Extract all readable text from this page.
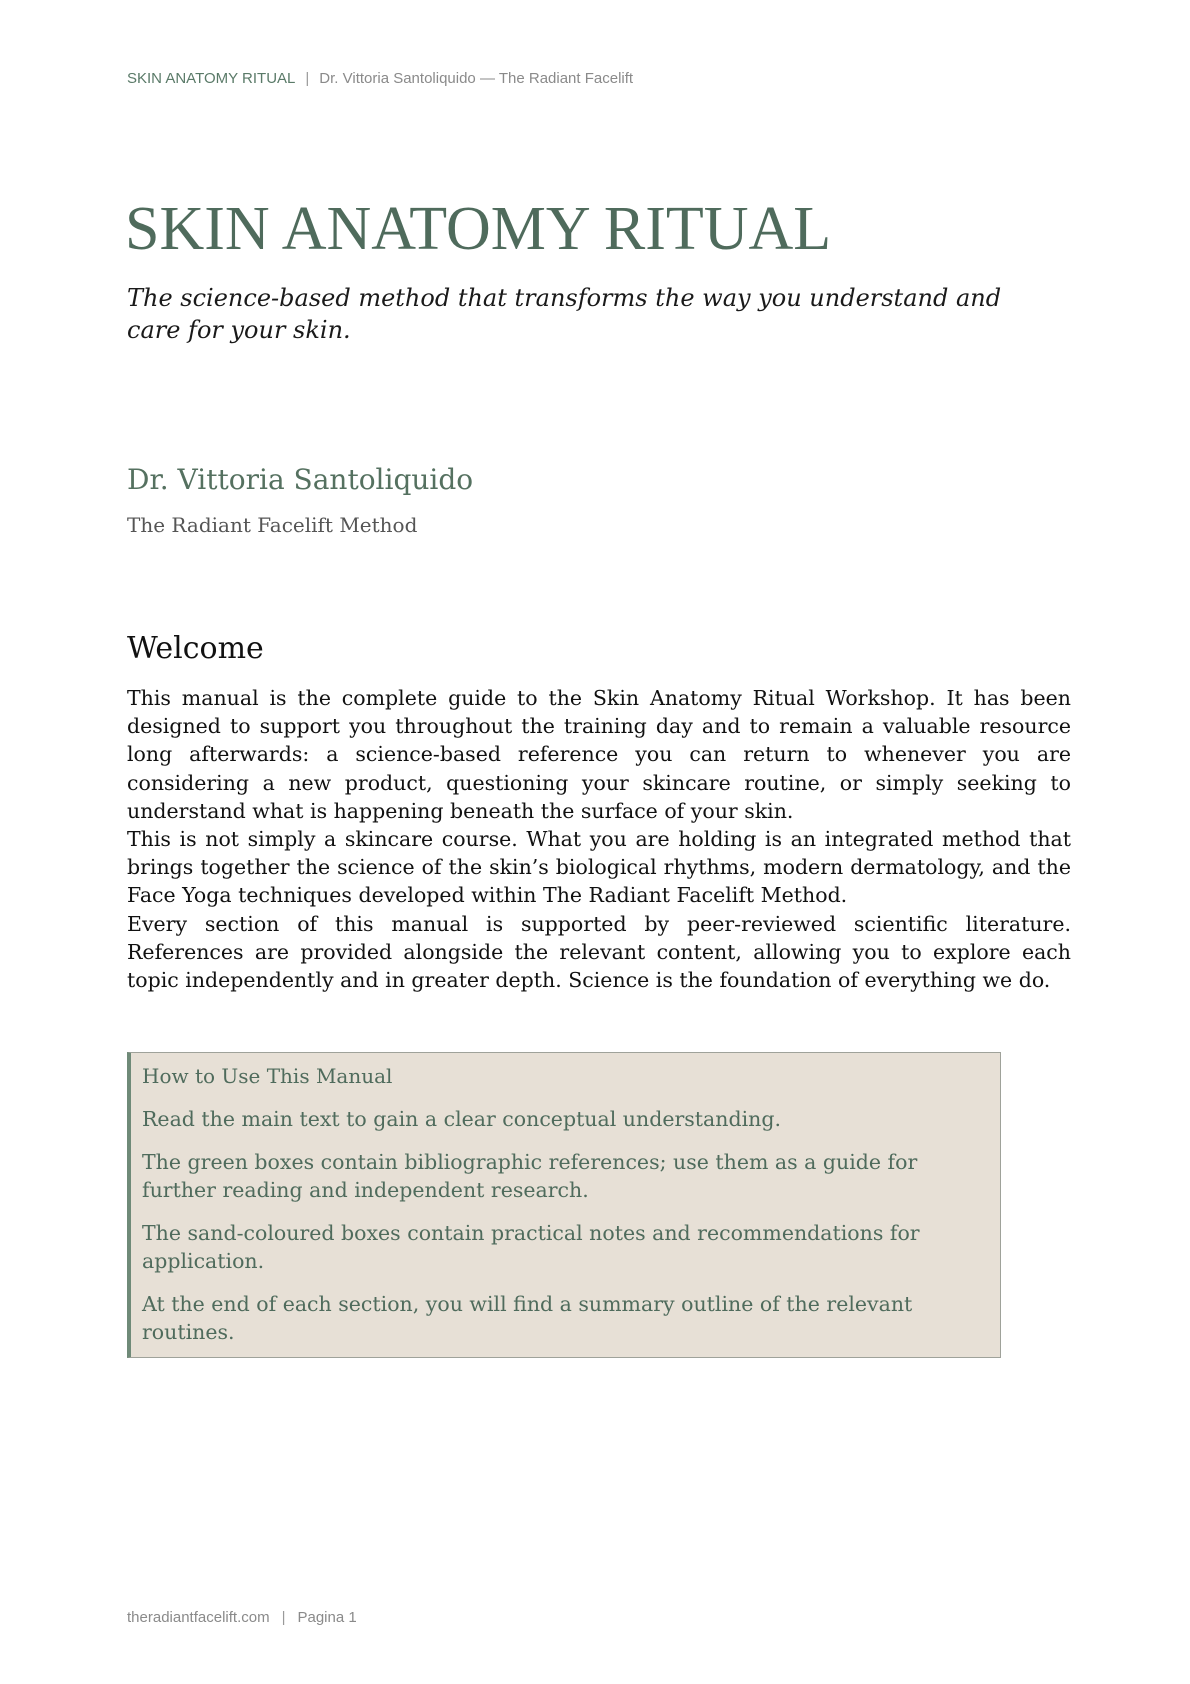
SKIN ANATOMY RITUAL | Dr. Vittoria Santoliquido — The Radiant Facelift
SKIN ANATOMY RITUAL

The science-based method that transforms the way you understand and care for your skin.

Dr. Vittoria Santoliquido

The Radiant Facelift Method

Welcome

This manual is the complete guide to the Skin Anatomy Ritual Workshop. It has been designed to support you throughout the training day and to remain a valuable resource long afterwards: a science-based reference you can return to whenever you are considering a new product, questioning your skincare routine, or simply seeking to understand what is happening beneath the surface of your skin.

This is not simply a skincare course. What you are holding is an integrated method that brings together the science of the skin’s biological rhythms, modern dermatology, and the Face Yoga techniques developed within The Radiant Facelift Method.

Every section of this manual is supported by peer-reviewed scientific literature. References are provided alongside the relevant content, allowing you to explore each topic independently and in greater depth. Science is the foundation of everything we do.

How to Use This Manual

Read the main text to gain a clear conceptual understanding.

The green boxes contain bibliographic references; use them as a guide for further reading and independent research.

The sand-coloured boxes contain practical notes and recommendations for application.

At the end of each section, you will find a summary outline of the relevant routines.

theradiantfacelift.com | Pagina 1
